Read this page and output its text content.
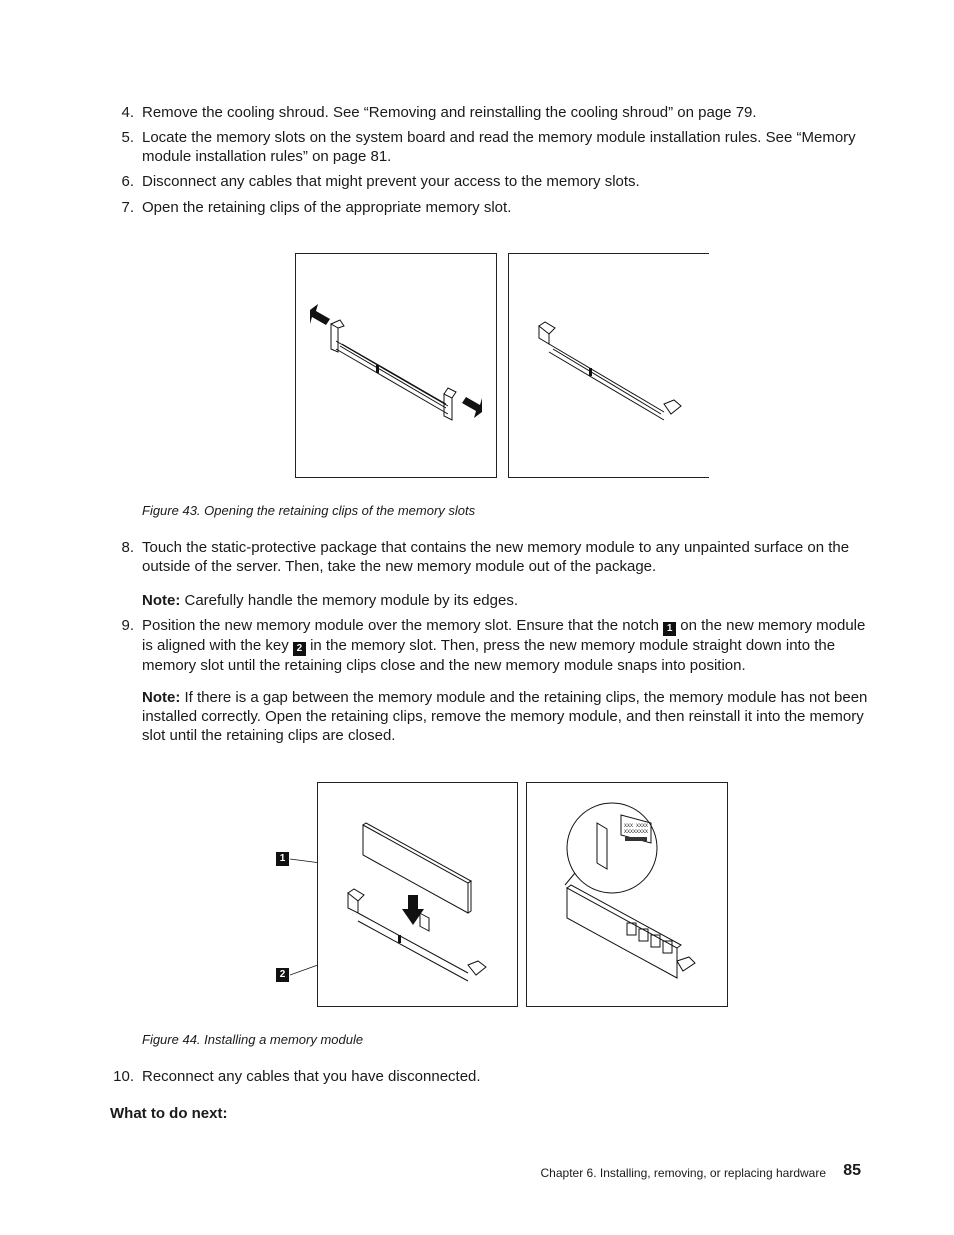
4. Remove the cooling shroud. See “Removing and reinstalling the cooling shroud” on page 79.
5. Locate the memory slots on the system board and read the memory module installation rules. See “Memory module installation rules” on page 81.
6. Disconnect any cables that might prevent your access to the memory slots.
7. Open the retaining clips of the appropriate memory slot.
Figure 43. Opening the retaining clips of the memory slots
8. Touch the static-protective package that contains the new memory module to any unpainted surface on the outside of the server. Then, take the new memory module out of the package.
Note: Carefully handle the memory module by its edges.
9. Position the new memory module over the memory slot. Ensure that the notch 1 on the new memory module is aligned with the key 2 in the memory slot. Then, press the new memory module straight down into the memory slot until the retaining clips close and the new memory module snaps into position.
Note: If there is a gap between the memory module and the retaining clips, the memory module has not been installed correctly. Open the retaining clips, remove the memory module, and then reinstall it into the memory slot until the retaining clips are closed.
1
2
XXX XXXX
XXXXXXXX
Figure 44. Installing a memory module
10. Reconnect any cables that you have disconnected.
What to do next:
Chapter 6. Installing, removing, or replacing hardware 85
